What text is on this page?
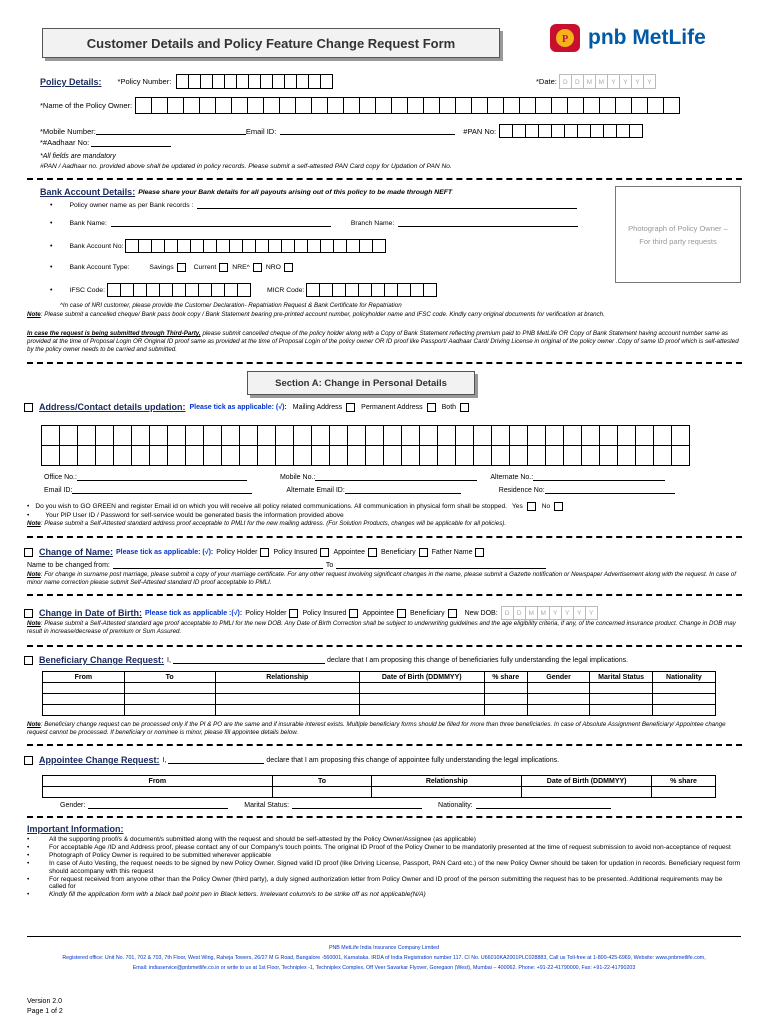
Customer Details and Policy Feature Change Request Form	P pnb MetLife
Policy Details: *Policy Number:	*Date: D	D	M	M	Y	Y	Y	Y
*Name of the Policy Owner:
*Mobile Number:	Email ID:	#PAN No:
*#Aadhaar No:
*All fields are mandatory
#PAN / Aadhaar no. provided above shall be updated in policy records. Please submit a self-attested PAN Card copy for Updation of PAN No.
Bank Account Details: Please share your Bank details for all payouts arising out of this policy to be made through NEFT
•	Policy owner name as per Bank records :
•	Bank Name:	Branch Name:
•	Bank Account No:
•	Bank Account Type:	Savings	Current NRE^ NRO
•	IFSC Code:	MICR Code:
Photograph of Policy Owner – For third party requests
^In case of NRI customer, please provide the Customer Declaration- Repatriation Request & Bank Certificate for Repatriation
Note: Please submit a cancelled cheque/ Bank pass book copy / Bank Statement bearing pre-printed account number, policyholder name and IFSC code. Kindly carry original documents for verification at branch.
In case the request is being submitted through Third-Party, please submit cancelled cheque of the policy holder along with a Copy of Bank Statement reflecting premium paid to PNB MetLife OR Copy of Bank Statement having account number same as provided at the time of Proposal Login OR Original ID proof same as provided at the time of Proposal Login of the policy owner OR ID proof like Passport/ Aadhaar Card/ Driving License in original of the policy owner .Copy of same ID proof which is self-attested by the policy owner needs to be carried and submitted.
Section A: Change in Personal Details
Address/Contact details updation: Please tick as applicable: (√): Mailing Address	Permanent Address	Both
Office No.:	Mobile No.:	Alternate No.:
Email ID:	Alternate Email ID:	Residence No:
• Do you wish to GO GREEN and register Email id on which you will receive all policy related communications. All communication in physical form shall be stopped. Yes	No
• Your PIP User ID / Password for self-service would be generated basis the information provided above
Note: Please submit a Self-Attested standard address proof acceptable to PMLI for the new mailing address. (For Solution Products, changes will be applicable for all policies).
Change of Name: Please tick as applicable: (√): Policy Holder Policy Insured Appointee Beneficiary Father Name
Name to be changed from:	To
Note: For change in surname post marriage, please submit a copy of your marriage certificate. For any other request involving significant changes in the name, please submit a Gazette notification or Newspaper Advertisement along with the request. In case of minor name correction please submit Self-Attested standard ID proof acceptable to PMLI.
Change in Date of Birth: Please tick as applicable :(√): Policy Holder Policy Insured Appointee Beneficiary	New DOB:	D	D	M	M	Y	Y	Y	Y
Note: Please submit a Self-Attested standard age proof acceptable to PMLI for the new DOB. Any Date of Birth Correction shall be subject to underwriting guidelines and the age eligibility criteria, if any, of the concerned insurance product. Change in DOB may result in increase/decrease of premium or Sum Assured.
Beneficiary Change Request: I,	declare that I am proposing this change of beneficiaries fully understanding the legal implications.
From	To	Relationship	Date of Birth (DDMMYY)	% share	Gender	Marital Status	Nationality

Note: Beneficiary change request can be processed only if the PI & PO are the same and if insurable interest exists. Multiple beneficiary forms should be filled for more than three beneficiaries. In case of Absolute Assignment Beneficiary/ Appointee change request cannot be processed. If beneficiary or nominee is minor, please fill appointee details below.
Appointee Change Request: I,	declare that I am proposing this change of appointee fully understanding the legal implications.
From	To	Relationship	Date of Birth (DDMMYY)	% share

Gender:	Marital Status:	Nationality:
Important Information:
•	All the supporting proof/s & document/s submitted along with the request and should be self-attested by the Policy Owner/Assignee (as applicable)
•	For acceptable Age /ID and Address proof, please contact any of our Company's touch points. The original ID Proof of the Policy Owner to be mandatorily presented at the time of request submission to avoid non-acceptance of request
•	Photograph of Policy Owner is required to be submitted wherever applicable
•	In case of Auto Vesting, the request needs to be signed by new Policy Owner. Signed valid ID proof (like Driving License, Passport, PAN Card etc.) of the new Policy Owner should be taken for updation in records. Beneficiary request form should accompany with this request
•	For request received from anyone other than the Policy Owner (third party), a duly signed authorization letter from Policy Owner and ID proof of the person submitting the request has to be presented. Additional requirements may be called for
•	Kindly fill the application form with a black ball point pen in Black letters. Irrelevant column/s to be strike off as not applicable(N/A)
PNB MetLife India Insurance Company Limited
Registered office: Unit No. 701, 702 & 703, 7th Floor, West Wing, Raheja Towers, 26/27 M G Road, Bangalore -560001, Karnataka. IRDA of India Registration number 117. CI No. U66010KA2001PLC028883, Call us Toll-free at 1-800-425-6969, Website: www.pnbmetlife.com,
Email: indiaservice@pnbmetlife.co.in or write to us at 1st Floor, Techniplex -1, Techniplex Complex, Off Veer Savarkar Flyover, Goregaon (West), Mumbai – 400062. Phone: +91-22-41790000, Fax: +91-22-41790203
Version 2.0
Page 1 of 2
